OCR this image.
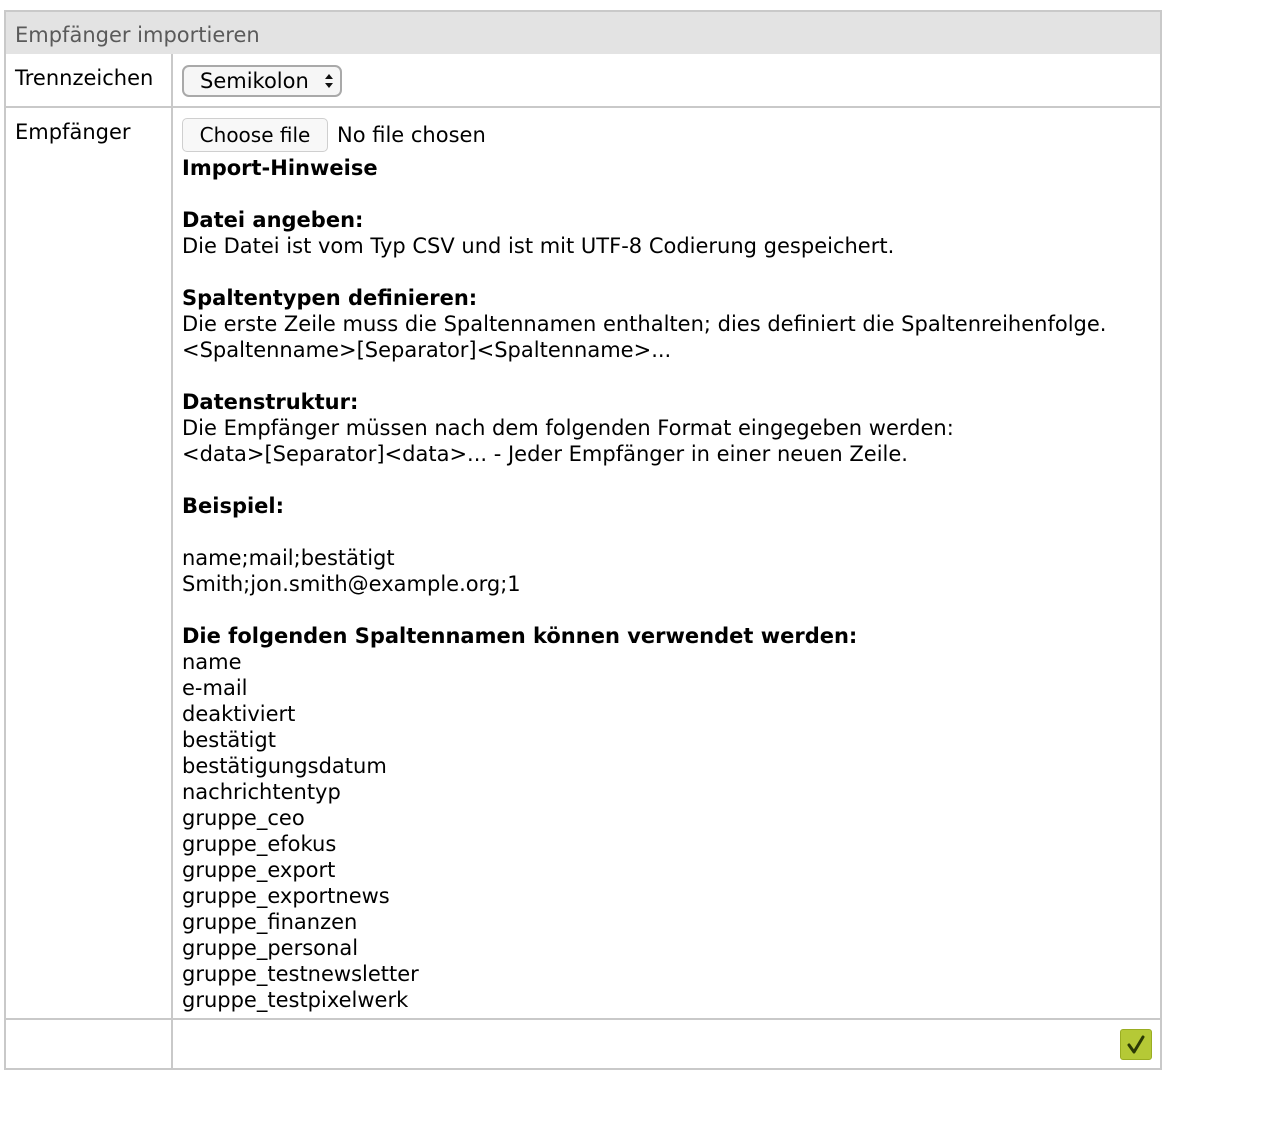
Empfänger importieren
Trennzeichen	Semikolon
Empfänger	Choose file	No file chosen
Import-Hinweise
Datei angeben:
Die Datei ist vom Typ CSV und ist mit UTF-8 Codierung gespeichert.
Spaltentypen definieren:
Die erste Zeile muss die Spaltennamen enthalten; dies definiert die Spaltenreihenfolge.
<Spaltenname>[Separator]<Spaltenname>...
Datenstruktur:
Die Empfänger müssen nach dem folgenden Format eingegeben werden:
<data>[Separator]<data>... - Jeder Empfänger in einer neuen Zeile.
Beispiel:
name;mail;bestätigt
Smith;jon.smith@example.org;1
Die folgenden Spaltennamen können verwendet werden:
name
e-mail
deaktiviert
bestätigt
bestätigungsdatum
nachrichtentyp
gruppe_ceo
gruppe_efokus
gruppe_export
gruppe_exportnews
gruppe_finanzen
gruppe_personal
gruppe_testnewsletter
gruppe_testpixelwerk
